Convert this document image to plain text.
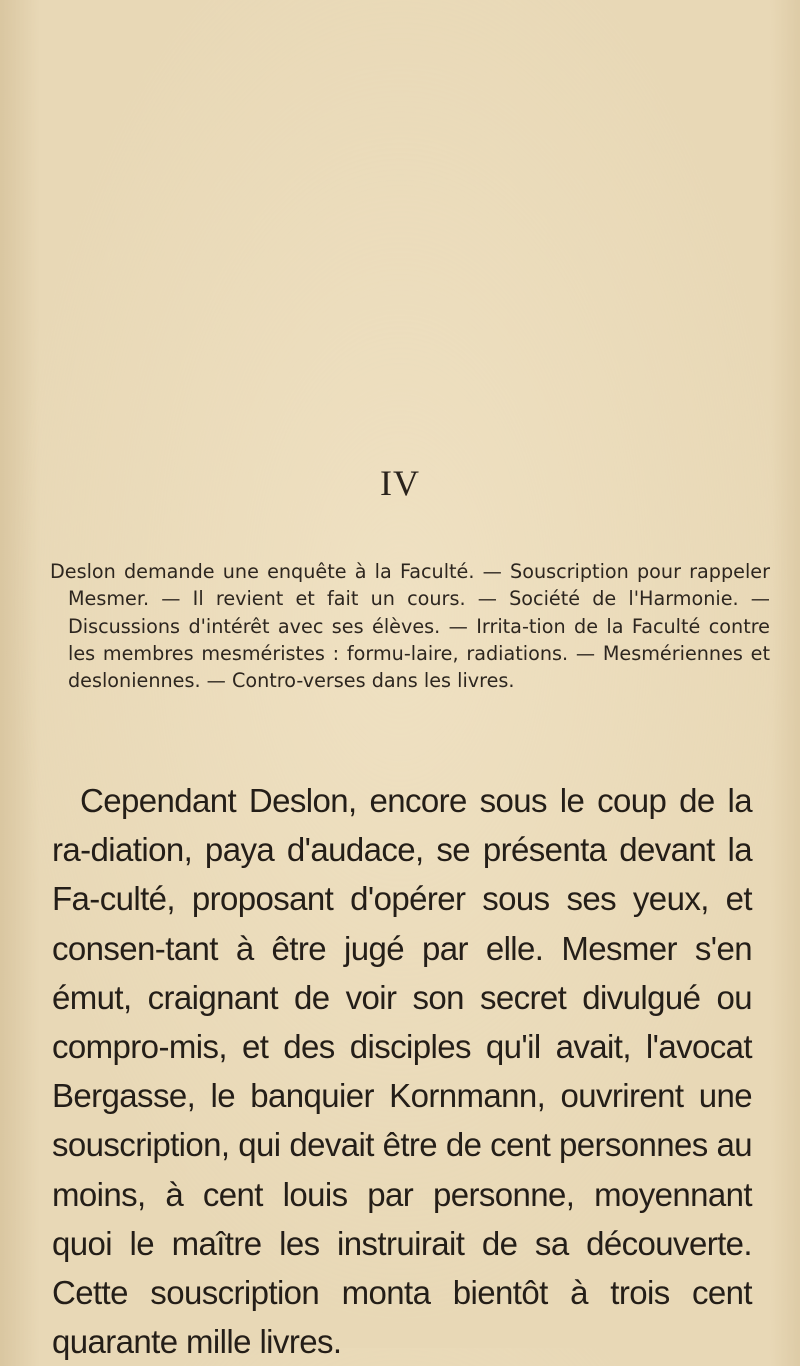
IV

Deslon demande une enquête à la Faculté. — Souscription pour rappeler Mesmer. — Il revient et fait un cours. — Société de l'Harmonie. — Discussions d'intérêt avec ses élèves. — Irrita-tion de la Faculté contre les membres mesméristes : formu-laire, radiations. — Mesmériennes et desloniennes. — Contro-verses dans les livres.

Cependant Deslon, encore sous le coup de la ra-diation, paya d'audace, se présenta devant la Fa-culté, proposant d'opérer sous ses yeux, et consen-tant à être jugé par elle. Mesmer s'en émut, craignant de voir son secret divulgué ou compro-mis, et des disciples qu'il avait, l'avocat Bergasse, le banquier Kornmann, ouvrirent une souscription, qui devait être de cent personnes au moins, à cent louis par personne, moyennant quoi le maître les instruirait de sa découverte. Cette souscription monta bientôt à trois cent quarante mille livres.
